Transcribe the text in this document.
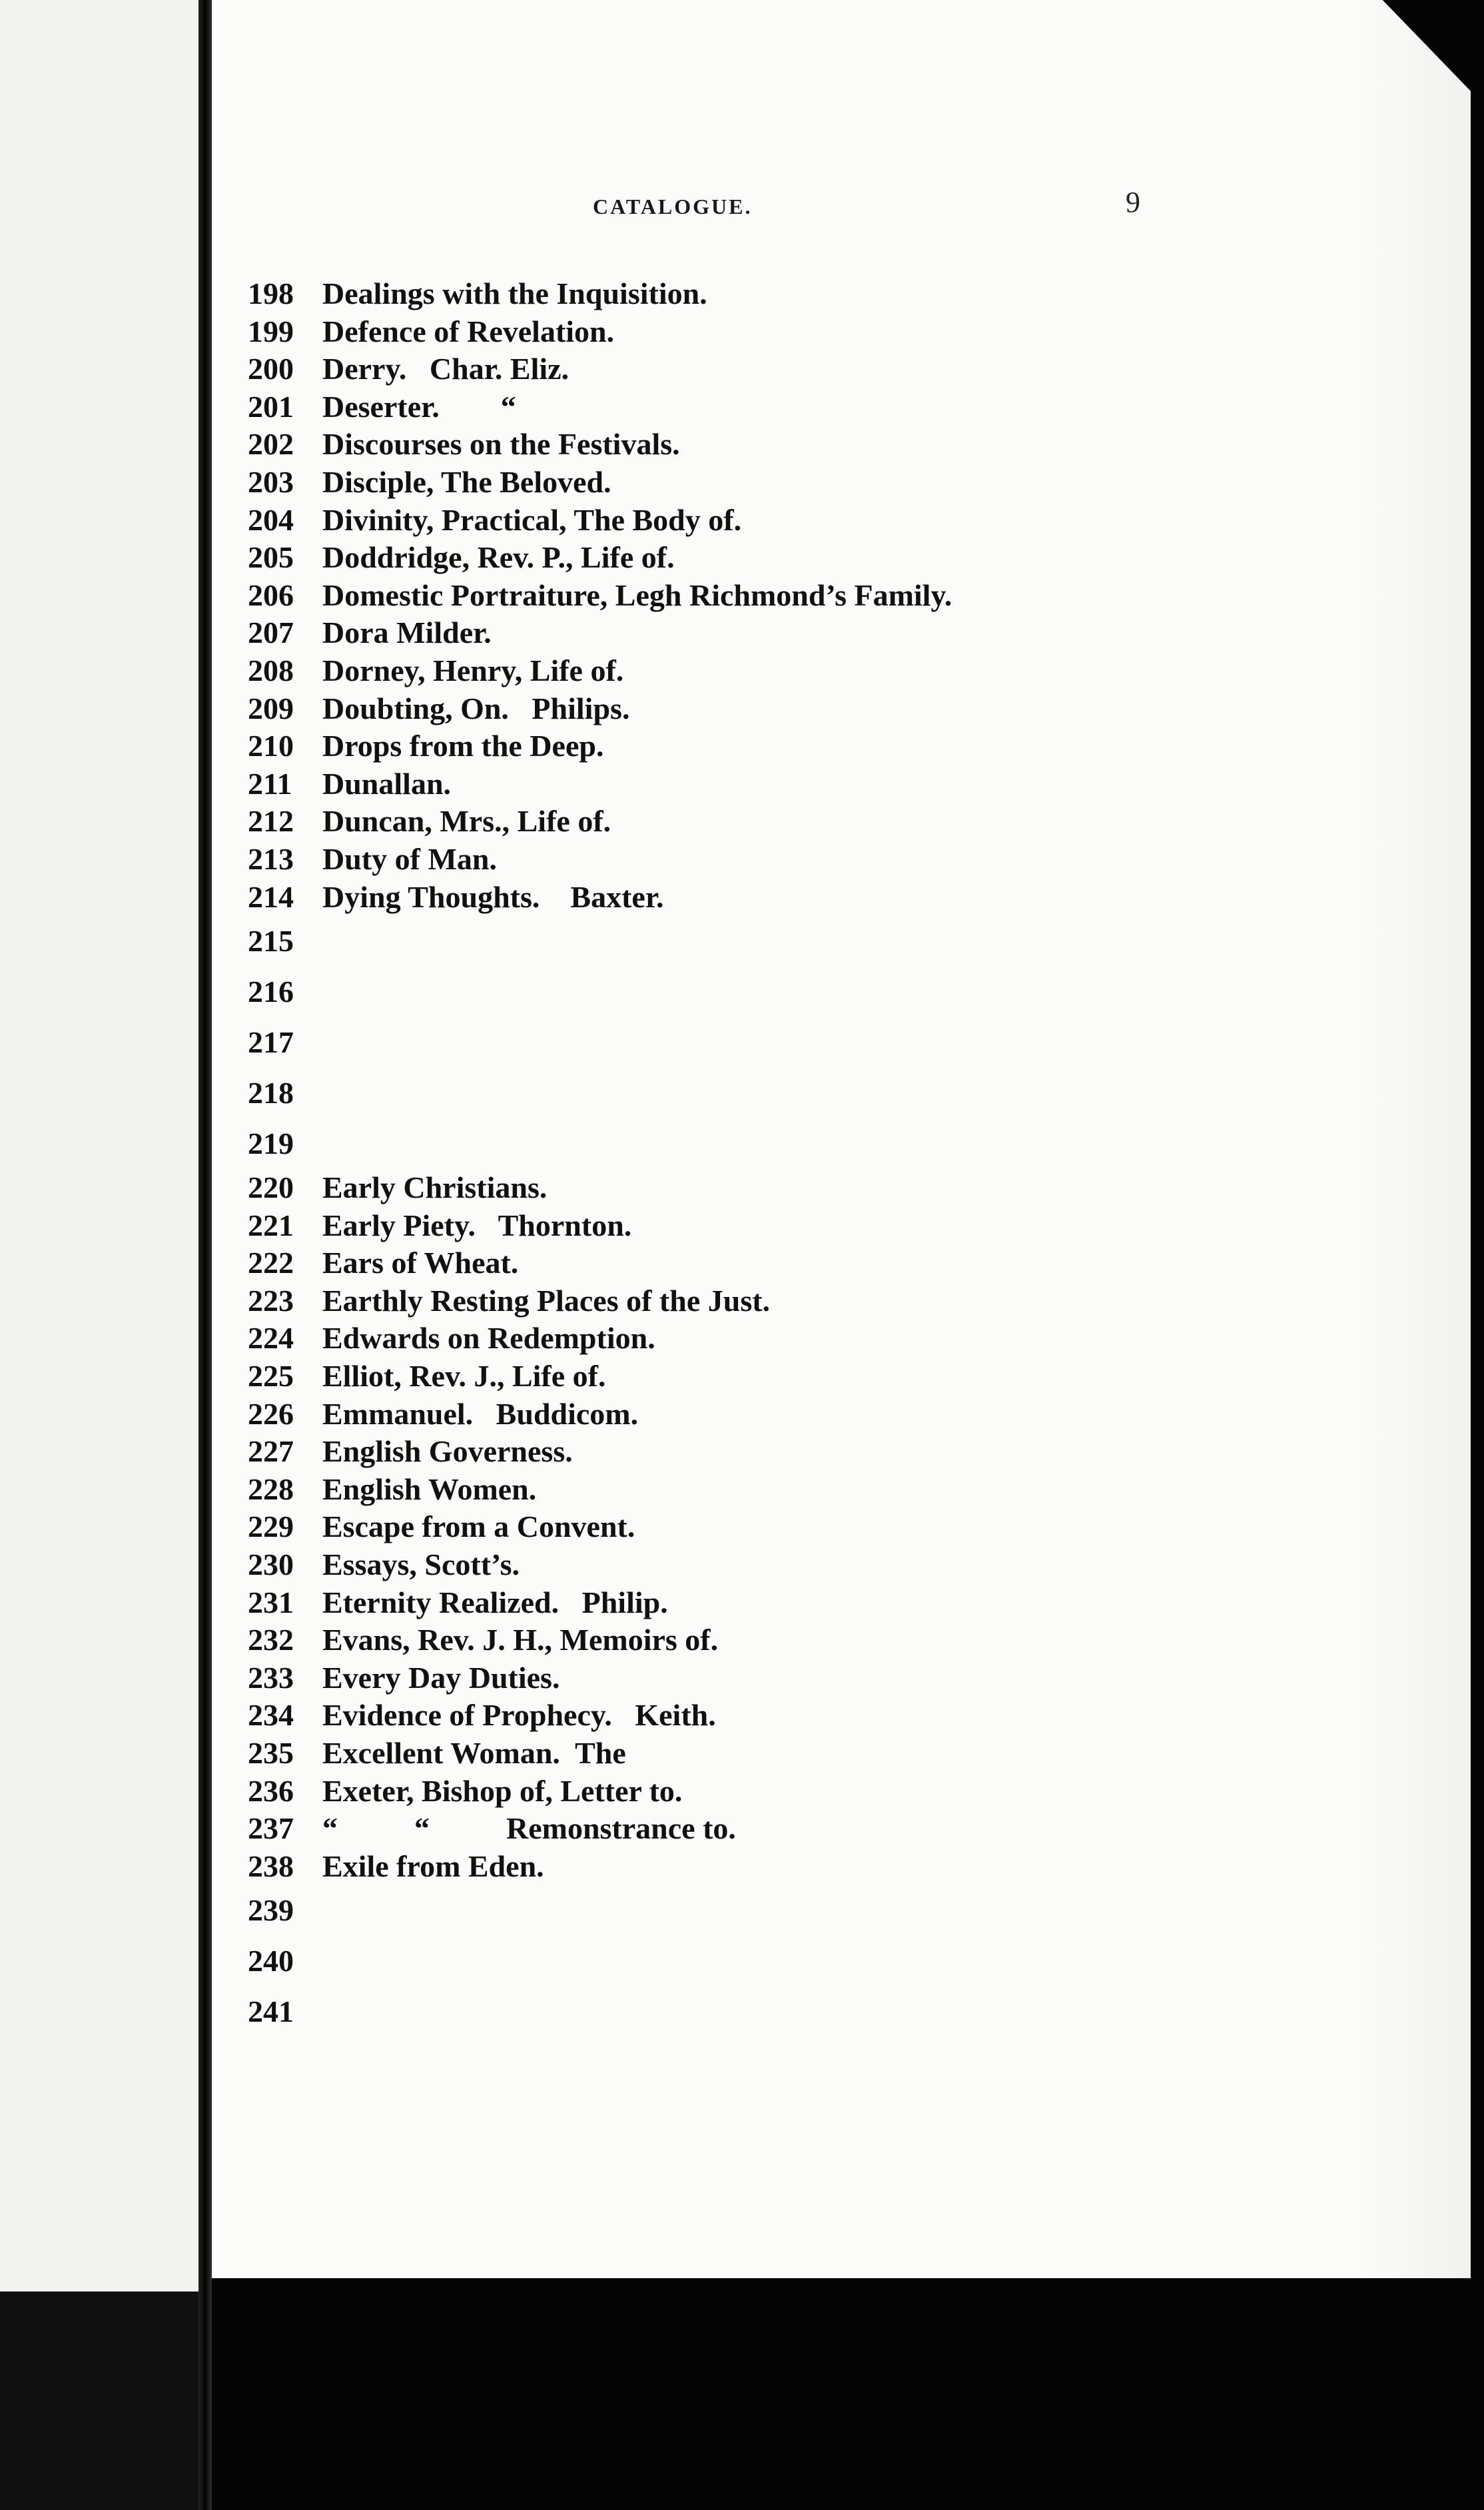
CATALOGUE.	9
198 Dealings with the Inquisition.
199 Defence of Revelation.
200 Derry.   Char. Eliz.
201 Deserter.        “
202 Discourses on the Festivals.
203 Disciple, The Beloved.
204 Divinity, Practical, The Body of.
205 Doddridge, Rev. P., Life of.
206 Domestic Portraiture, Legh Richmond’s Family.
207 Dora Milder.
208 Dorney, Henry, Life of.
209 Doubting, On.   Philips.
210 Drops from the Deep.
211 Dunallan.
212 Duncan, Mrs., Life of.
213 Duty of Man.
214 Dying Thoughts.    Baxter.
215
216
217
218
219
220 Early Christians.
221 Early Piety.   Thornton.
222 Ears of Wheat.
223 Earthly Resting Places of the Just.
224 Edwards on Redemption.
225 Elliot, Rev. J., Life of.
226 Emmanuel.   Buddicom.
227 English Governess.
228 English Women.
229 Escape from a Convent.
230 Essays, Scott’s.
231 Eternity Realized.   Philip.
232 Evans, Rev. J. H., Memoirs of.
233 Every Day Duties.
234 Evidence of Prophecy.   Keith.
235 Excellent Woman.  The
236 Exeter, Bishop of, Letter to.
237 “          “          Remonstrance to.
238 Exile from Eden.
239
240
241
